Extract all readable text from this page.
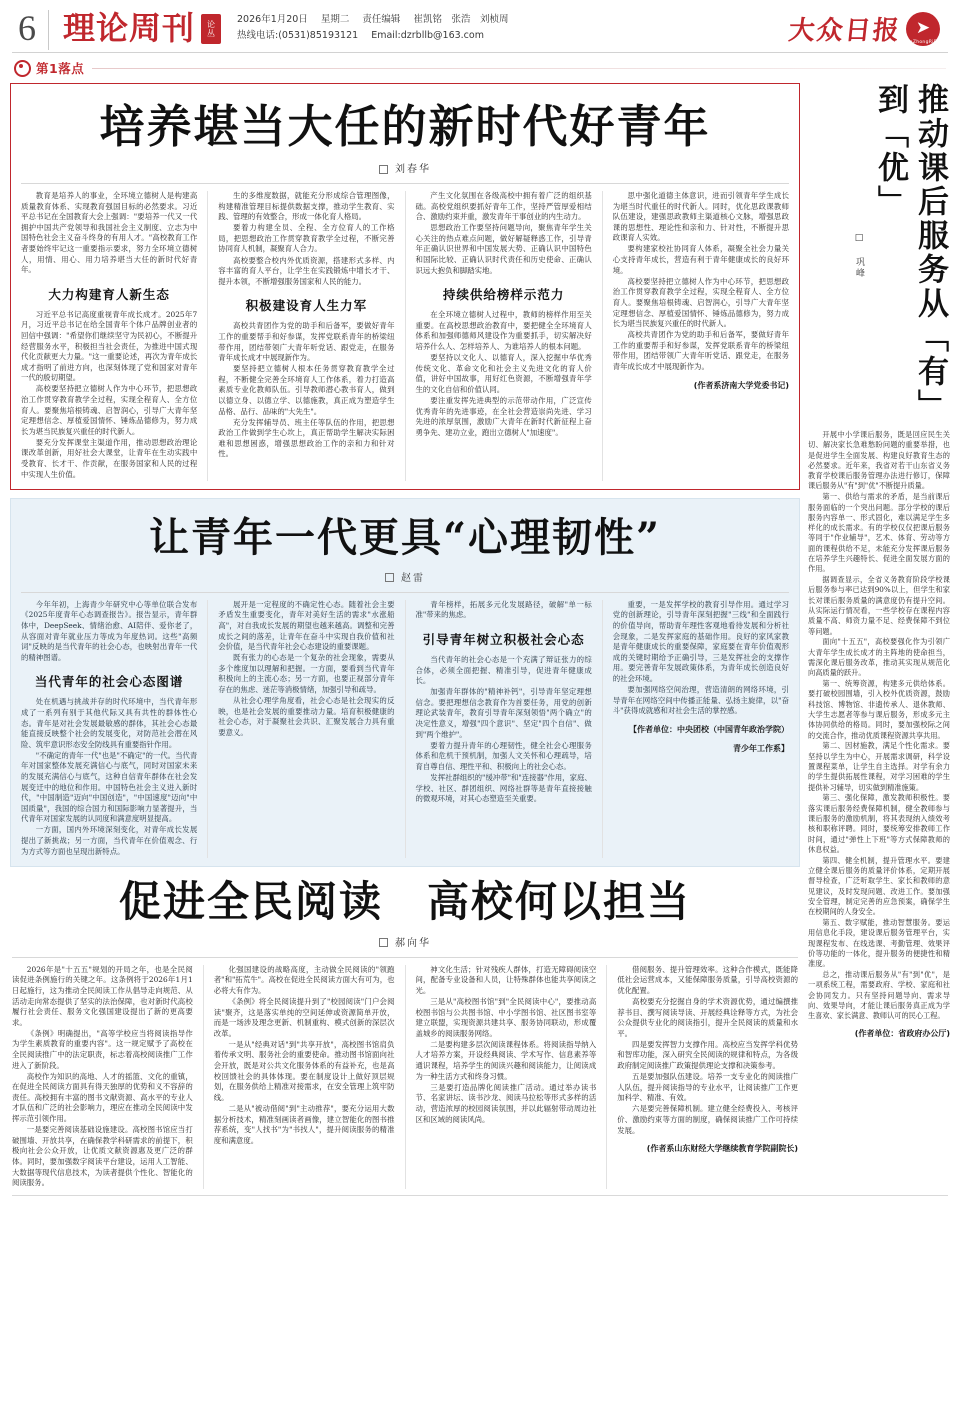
6 理论周刊	论
丛
2026年1月20日 星期二 责任编辑 崔凯铭　张浩　刘桢周
热线电话:(0531)85193121 Email:dzrbllb@163.com	大众日报 ➤
DaZhongRiBao
第1落点
培养堪当大任的新时代好青年
刘春华

教育是培养人的事业，全环境立德树人是构建高质量教育体系、实现教育强国目标的必然要求。习近平总书记在全国教育大会上强调："要培养一代又一代拥护中国共产党领导和我国社会主义制度、立志为中国特色社会主义奋斗终身的有用人才。"高校教育工作者要始终牢记这一重要指示要求，努力全环境立德树人，用情、用心、用力培养堪当大任的新时代好青年。

大力构建育人新生态

习近平总书记高度重视青年成长成才。2025年7月，习近平总书记在给全国青年个体户品牌创业者的回信中强调："希望你们继续坚守为民初心，不断提升经营服务水平，积极担当社会责任，为推进中国式现代化贡献更大力量。"这一重要论述，再次为青年成长成才指明了前进方向，也深刻体现了党和国家对青年一代的殷切期望。

高校要坚持把立德树人作为中心环节，把思想政治工作贯穿教育教学全过程，实现全程育人、全方位育人。要聚焦培根铸魂、启智润心，引导广大青年坚定理想信念、厚植爱国情怀、锤炼品德修为，努力成长为堪当民族复兴重任的时代新人。

要充分发挥课堂主渠道作用，推动思想政治理论课改革创新，用好社会大课堂，让青年在生动实践中受教育、长才干、作贡献，在服务国家和人民的过程中实现人生价值。

生的多维度数据，就能充分形成综合管理图像，构建精准管理目标提供数据支撑，推动学生教育、实践、管理的有效整合，形成一体化育人格局。

要着力构建全员、全程、全方位育人的工作格局，把思想政治工作贯穿教育教学全过程，不断完善协同育人机制，凝聚育人合力。

高校要整合校内外优质资源，搭建形式多样、内容丰富的育人平台，让学生在实践锻炼中增长才干、提升本领，不断增强服务国家和人民的能力。

积极建设育人生力军

高校共青团作为党的助手和后备军，要做好青年工作的重要帮手和好参谋，发挥党联系青年的桥梁纽带作用，团结带领广大青年听党话、跟党走，在服务青年成长成才中展现新作为。

要坚持把立德树人根本任务贯穿教育教学全过程，不断健全完善全环境育人工作体系，着力打造高素质专业化教师队伍。引导教师潜心教书育人，做到以德立身、以德立学、以德施教，真正成为塑造学生品格、品行、品味的"大先生"。

充分发挥辅导员、班主任等队伍的作用，把思想政治工作做到学生心坎上，真正帮助学生解决实际困难和思想困惑，增强思想政治工作的亲和力和针对性。

产生文化氛围在各级高校中拥有着广泛的组织基础。高校党组织要抓好青年工作，坚持严管厚爱相结合、激励约束并重，激发青年干事创业的内生动力。

思想政治工作要坚持问题导向，聚焦青年学生关心关注的热点难点问题，做好解疑释惑工作，引导青年正确认识世界和中国发展大势、正确认识中国特色和国际比较、正确认识时代责任和历史使命、正确认识远大抱负和脚踏实地。

持续供给榜样示范力

在全环境立德树人过程中，教师的榜样作用至关重要。在高校思想政治教育中，要把健全全环境育人体系和加强师德师风建设作为重要抓手，切实解决好培养什么人、怎样培养人、为谁培养人的根本问题。

要坚持以文化人、以德育人，深入挖掘中华优秀传统文化、革命文化和社会主义先进文化的育人价值，讲好中国故事，用好红色资源，不断增强青年学生的文化自信和价值认同。

要注重发挥先进典型的示范带动作用，广泛宣传优秀青年的先进事迹，在全社会营造崇尚先进、学习先进的浓厚氛围，激励广大青年在新时代新征程上奋勇争先、建功立业，跑出立德树人"加速度"。

思中强化道德主体意识，进而引领青年学生成长为堪当时代重任的时代新人。同时，优化思政课教师队伍建设，建强思政教师主渠道核心文脉，增强思政课的思想性、理论性和亲和力、针对性，不断提升思政课育人实效。

要构建家校社协同育人体系，凝聚全社会力量关心支持青年成长，营造有利于青年健康成长的良好环境。

高校要坚持把立德树人作为中心环节，把思想政治工作贯穿教育教学全过程，实现全程育人、全方位育人。要聚焦培根铸魂、启智润心，引导广大青年坚定理想信念、厚植爱国情怀、锤炼品德修为，努力成长为堪当民族复兴重任的时代新人。

高校共青团作为党的助手和后备军，要做好青年工作的重要帮手和好参谋，发挥党联系青年的桥梁纽带作用，团结带领广大青年听党话、跟党走，在服务青年成长成才中展现新作为。

(作者系济南大学党委书记)
让青年一代更具“心理韧性”
赵雷

今年年初，上海青少年研究中心等单位联合发布《2025年度青年心态调查报告》。报告显示，青年群体中，DeepSeek、情绪治愈、AI陪伴、爱你老了，从容面对青年就业压力等成为年度热词。这些"高频词"反映的是当代青年的社会心态，也映射出青年一代的精神图谱。

当代青年的社会心态图谱

处在机遇与挑战并存的时代环境中，当代青年形成了一系列有别于其他代际又具有共性的群体性心态。青年是对社会发展最敏感的群体，其社会心态最能直接反映整个社会的发展变化，对防范社会潜在风险、筑牢意识形态安全防线具有重要指针作用。

"不确定的青年一代"也是"不确定"的一代。当代青年对国家整体发展充满信心与底气，同时对国家未来的发展充满信心与底气，这种自信青年群体在社会发展变迁中的地位和作用。中国特色社会主义进入新时代，"中国制造"迈向"中国创造"，"中国速度"迈向"中国质量"，我国的综合国力和国际影响力显著提升，当代青年对国家发展的认同度和满意度明显提高。

一方面，国内外环境深刻变化，对青年成长发展提出了新挑战；另一方面，当代青年在价值观念、行为方式等方面也呈现出新特点。

展开是一定程度的不确定性心态。随着社会主要矛盾发生重要变化，青年对美好生活的需求"水涨船高"，对自我成长发展的期望也越来越高。调整和完善成长之间的落差，让青年在奋斗中实现自我价值和社会价值，是当代青年社会心态建设的重要课题。

既有张力的心态是一个复杂的社会现象，需要从多个维度加以理解和把握。一方面，要看到当代青年积极向上的主流心态；另一方面，也要正视部分青年存在的焦虑、迷茫等消极情绪，加强引导和疏导。

从社会心理学角度看，社会心态是社会现实的反映，也是社会发展的重要推动力量。培育积极健康的社会心态，对于凝聚社会共识、汇聚发展合力具有重要意义。

青年榜样，拓展多元化发展路径，破解"单一标准"带来的焦虑。

引导青年树立积极社会心态

当代青年的社会心态是一个充满了辩证张力的综合体，必须全面把握、精准引导，促进青年健康成长。

加强青年群体的"精神补钙"，引导青年坚定理想信念。要把理想信念教育作为首要任务，用党的创新理论武装青年，教育引导青年深刻领悟"两个确立"的决定性意义，增强"四个意识"、坚定"四个自信"、做到"两个维护"。

要着力提升青年的心理韧性，健全社会心理服务体系和危机干预机制，加强人文关怀和心理疏导，培育自尊自信、理性平和、积极向上的社会心态。

发挥社群组织的"缓冲带"和"连接器"作用，家庭、学校、社区、群团组织、网络社群等是青年直接接触的微观环境，对其心态塑造至关重要。

重要，一是发挥学校的教育引导作用。通过学习党的创新理论，引导青年深刻把握"三线"和全面践行的价值导向，帮助青年理性客观地看待发展和分析社会现象，二是发挥家庭的基础作用。良好的家风家教是青年健康成长的重要保障，家庭要在青年价值观形成的关键时期给予正确引导，三是发挥社会的支撑作用。要完善青年发展政策体系，为青年成长创造良好的社会环境。

要加强网络空间治理，营造清朗的网络环境，引导青年在网络空间中传播正能量、弘扬主旋律，以"奋斗"获得成就感和对社会生活的掌控感。

【作者单位：中央团校（中国青年政治学院）
青少年工作系】
促进全民阅读　高校何以担当
郝向华

2026年是"十五五"规划的开局之年，也是全民阅读促进条例施行的关键之年。这条例将于2026年1月1日起施行，这为推动全民阅读工作从倡导走向规范、从活动走向常态提供了坚实的法治保障，也对新时代高校履行社会责任、服务文化强国建设提出了新的更高要求。

《条例》明确提出，"高等学校应当将阅读指导作为学生素质教育的重要内容"。这一规定赋予了高校在全民阅读推广中的法定职责，标志着高校阅读推广工作进入了新阶段。

高校作为知识的高地、人才的摇篮、文化的重镇，在促进全民阅读方面具有得天独厚的优势和义不容辞的责任。高校拥有丰富的图书文献资源、高水平的专业人才队伍和广泛的社会影响力，理应在推动全民阅读中发挥示范引领作用。

一是要完善阅读基础设施建设。高校图书馆应当打破围墙、开放共享，在确保教学科研需求的前提下，积极向社会公众开放，让优质文献资源惠及更广泛的群体。同时，要加强数字阅读平台建设，运用人工智能、大数据等现代信息技术，为读者提供个性化、智能化的阅读服务。

化强国建设的战略高度，主动做全民阅读的"领跑者"和"拓荒牛"。高校在促进全民阅读方面大有可为，也必将大有作为。

《条例》将全民阅读提升到了"校园阅读"门户会阅读"聚齐，这是落实单纯的空间延伸或资源简单开放，而是一场涉及理念更新、机制重构、模式创新的深层次改革。

一是从"经典对话"到"共享开放"，高校图书馆肩负着传承文明、服务社会的重要使命。推动图书馆面向社会开放，既是对公共文化服务体系的有益补充，也是高校回馈社会的具体体现。要在制度设计上做好顶层规划，在服务供给上精准对接需求，在安全管理上筑牢防线。

二是从"被动借阅"到"主动推荐"，要充分运用大数据分析技术，精准刻画读者画像，建立智能化的图书推荐系统，变"人找书"为"书找人"，提升阅读服务的精准度和满意度。

神文化生活；针对残疾人群体，打造无障碍阅读空间，配备专业设备和人员，让特殊群体也能共享阅读之光。

三是从"高校图书馆"到"全民阅读中心"，要推动高校图书馆与公共图书馆、中小学图书馆、社区图书室等建立联盟，实现资源共建共享、服务协同联动，形成覆盖城乡的阅读服务网络。

二是要构建多层次阅读课程体系。将阅读指导纳入人才培养方案，开设经典阅读、学术写作、信息素养等通识课程，培养学生的阅读兴趣和阅读能力，让阅读成为一种生活方式和终身习惯。

三是要打造品牌化阅读推广活动。通过举办读书节、名家讲坛、读书沙龙、阅读马拉松等形式多样的活动，营造浓厚的校园阅读氛围，并以此辐射带动周边社区和区域的阅读风尚。

借阅服务、提升管理效率。这种合作模式，既能降低社会运营成本，又能保障服务质量，引导高校资源的优化配置。

高校要充分挖掘自身的学术资源优势，通过编撰推荐书目、撰写阅读导读、开展经典诠释等方式，为社会公众提供专业化的阅读指引，提升全民阅读的质量和水平。

四是要发挥智力支撑作用。高校应当发挥学科优势和智库功能，深入研究全民阅读的规律和特点，为各级政府制定阅读推广政策提供理论支撑和决策参考。

五是要加强队伍建设。培养一支专业化的阅读推广人队伍，提升阅读指导的专业水平，让阅读推广工作更加科学、精准、有效。

六是要完善保障机制。建立健全经费投入、考核评价、激励约束等方面的制度，确保阅读推广工作可持续发展。

(作者系山东财经大学继续教育学院副院长)
推动课后服务从「有」到「优」
□ 巩峰

开展中小学课后服务，既是回应民生关切、解决家长急难愁盼问题的重要举措，也是促进学生全面发展、构建良好教育生态的必然要求。近年来，我省对若干山东省义务教育学校课后服务管理办法进行修订，保障课后服务从"有"到"优"不断提升质量。

第一、供给与需求的矛盾，是当前课后服务面临的一个突出问题。部分学校的课后服务内容单一、形式固化，难以满足学生多样化的成长需求。有的学校仅仅把课后服务等同于"作业辅导"，艺术、体育、劳动等方面的课程供给不足，未能充分发挥课后服务在培养学生兴趣特长、促进全面发展方面的作用。

据调查显示，全省义务教育阶段学校课后服务参与率已达到90%以上，但学生和家长对课后服务质量的满意度仍有提升空间。从实际运行情况看，一些学校存在课程内容质量不高、师资力量不足、经费保障不到位等问题。

面向"十五五"，高校要强化作为引领广大青年学生成长成才的主阵地的使命担当，需深化课后服务改革，推动其实现从规范化向高质量的跃升。

第一、统筹资源，构建多元供给体系。要打破校园围墙，引入校外优质资源，鼓励科技馆、博物馆、非遗传承人、退休教师、大学生志愿者等参与课后服务，形成多元主体协同供给的格局。同时，要加强校际之间的交流合作，推动优质课程资源共享共用。

第二、因材施教，满足个性化需求。要坚持以学生为中心，开展需求调研，科学设置课程菜单，让学生自主选择。对学有余力的学生提供拓展性课程，对学习困难的学生提供补习辅导，切实做到精准施策。

第三、强化保障，激发教师积极性。要落实课后服务经费保障机制，健全教师参与课后服务的激励机制，将其表现纳入绩效考核和职称评聘。同时，要统筹安排教师工作时间，通过"弹性上下班"等方式保障教师的休息权益。

第四、健全机制，提升管理水平。要建立健全课后服务的质量评价体系，定期开展督导检查，广泛听取学生、家长和教师的意见建议，及时发现问题、改进工作。要加强安全管理，制定完善的应急预案，确保学生在校期间的人身安全。

第五、数字赋能，推动智慧服务。要运用信息化手段，建设课后服务管理平台，实现课程发布、在线选课、考勤管理、效果评价等功能的一体化，提升服务的便捷性和精准度。

总之，推动课后服务从"有"到"优"，是一项系统工程，需要政府、学校、家庭和社会协同发力。只有坚持问题导向、需求导向、效果导向，才能让课后服务真正成为学生喜欢、家长满意、教师认可的民心工程。

(作者单位：省政府办公厅)
